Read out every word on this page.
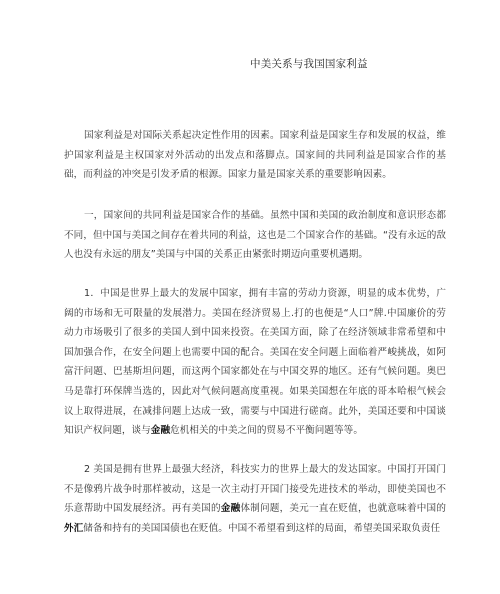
中美关系与我国国家利益

国家利益是对国际关系起决定性作用的因素。国家利益是国家生存和发展的权益，维护国家利益是主权国家对外活动的出发点和落脚点。国家间的共同利益是国家合作的基础，而利益的冲突是引发矛盾的根源。国家力量是国家关系的重要影响因素。

一，国家间的共同利益是国家合作的基础。虽然中国和美国的政治制度和意识形态都不同，但中国与美国之间存在着共同的利益，这也是二个国家合作的基础。“没有永远的敌人也没有永远的朋友”美国与中国的关系正由紧张时期迈向重要机遇期。

1．中国是世界上最大的发展中国家，拥有丰富的劳动力资源，明显的成本优势，广阔的市场和无可限量的发展潜力。美国在经济贸易上.打的也便是“人口”牌.中国廉价的劳动力市场吸引了很多的美国人到中国来投资。在美国方面，除了在经济领域非常希望和中国加强合作，在安全问题上也需要中国的配合。美国在安全问题上面临着严峻挑战，如阿富汗问题、巴基斯坦问题，而这两个国家都处在与中国交界的地区。还有气候问题。奥巴马是靠打环保牌当选的，因此对气候问题高度重视。如果美国想在年底的哥本哈根气候会议上取得进展，在减排问题上达成一致，需要与中国进行磋商。此外，美国还要和中国谈知识产权问题，谈与金融危机相关的中美之间的贸易不平衡问题等等。

2 美国是拥有世界上最强大经济，科技实力的世界上最大的发达国家。中国打开国门不是像鸦片战争时那样被动，这是一次主动打开国门接受先进技术的举动，即使美国也不乐意帮助中国发展经济。再有美国的金融体制问题，美元一直在贬值，也就意味着中国的外汇储备和持有的美国国债也在贬值。中国不希望看到这样的局面，希望美国采取负责任
